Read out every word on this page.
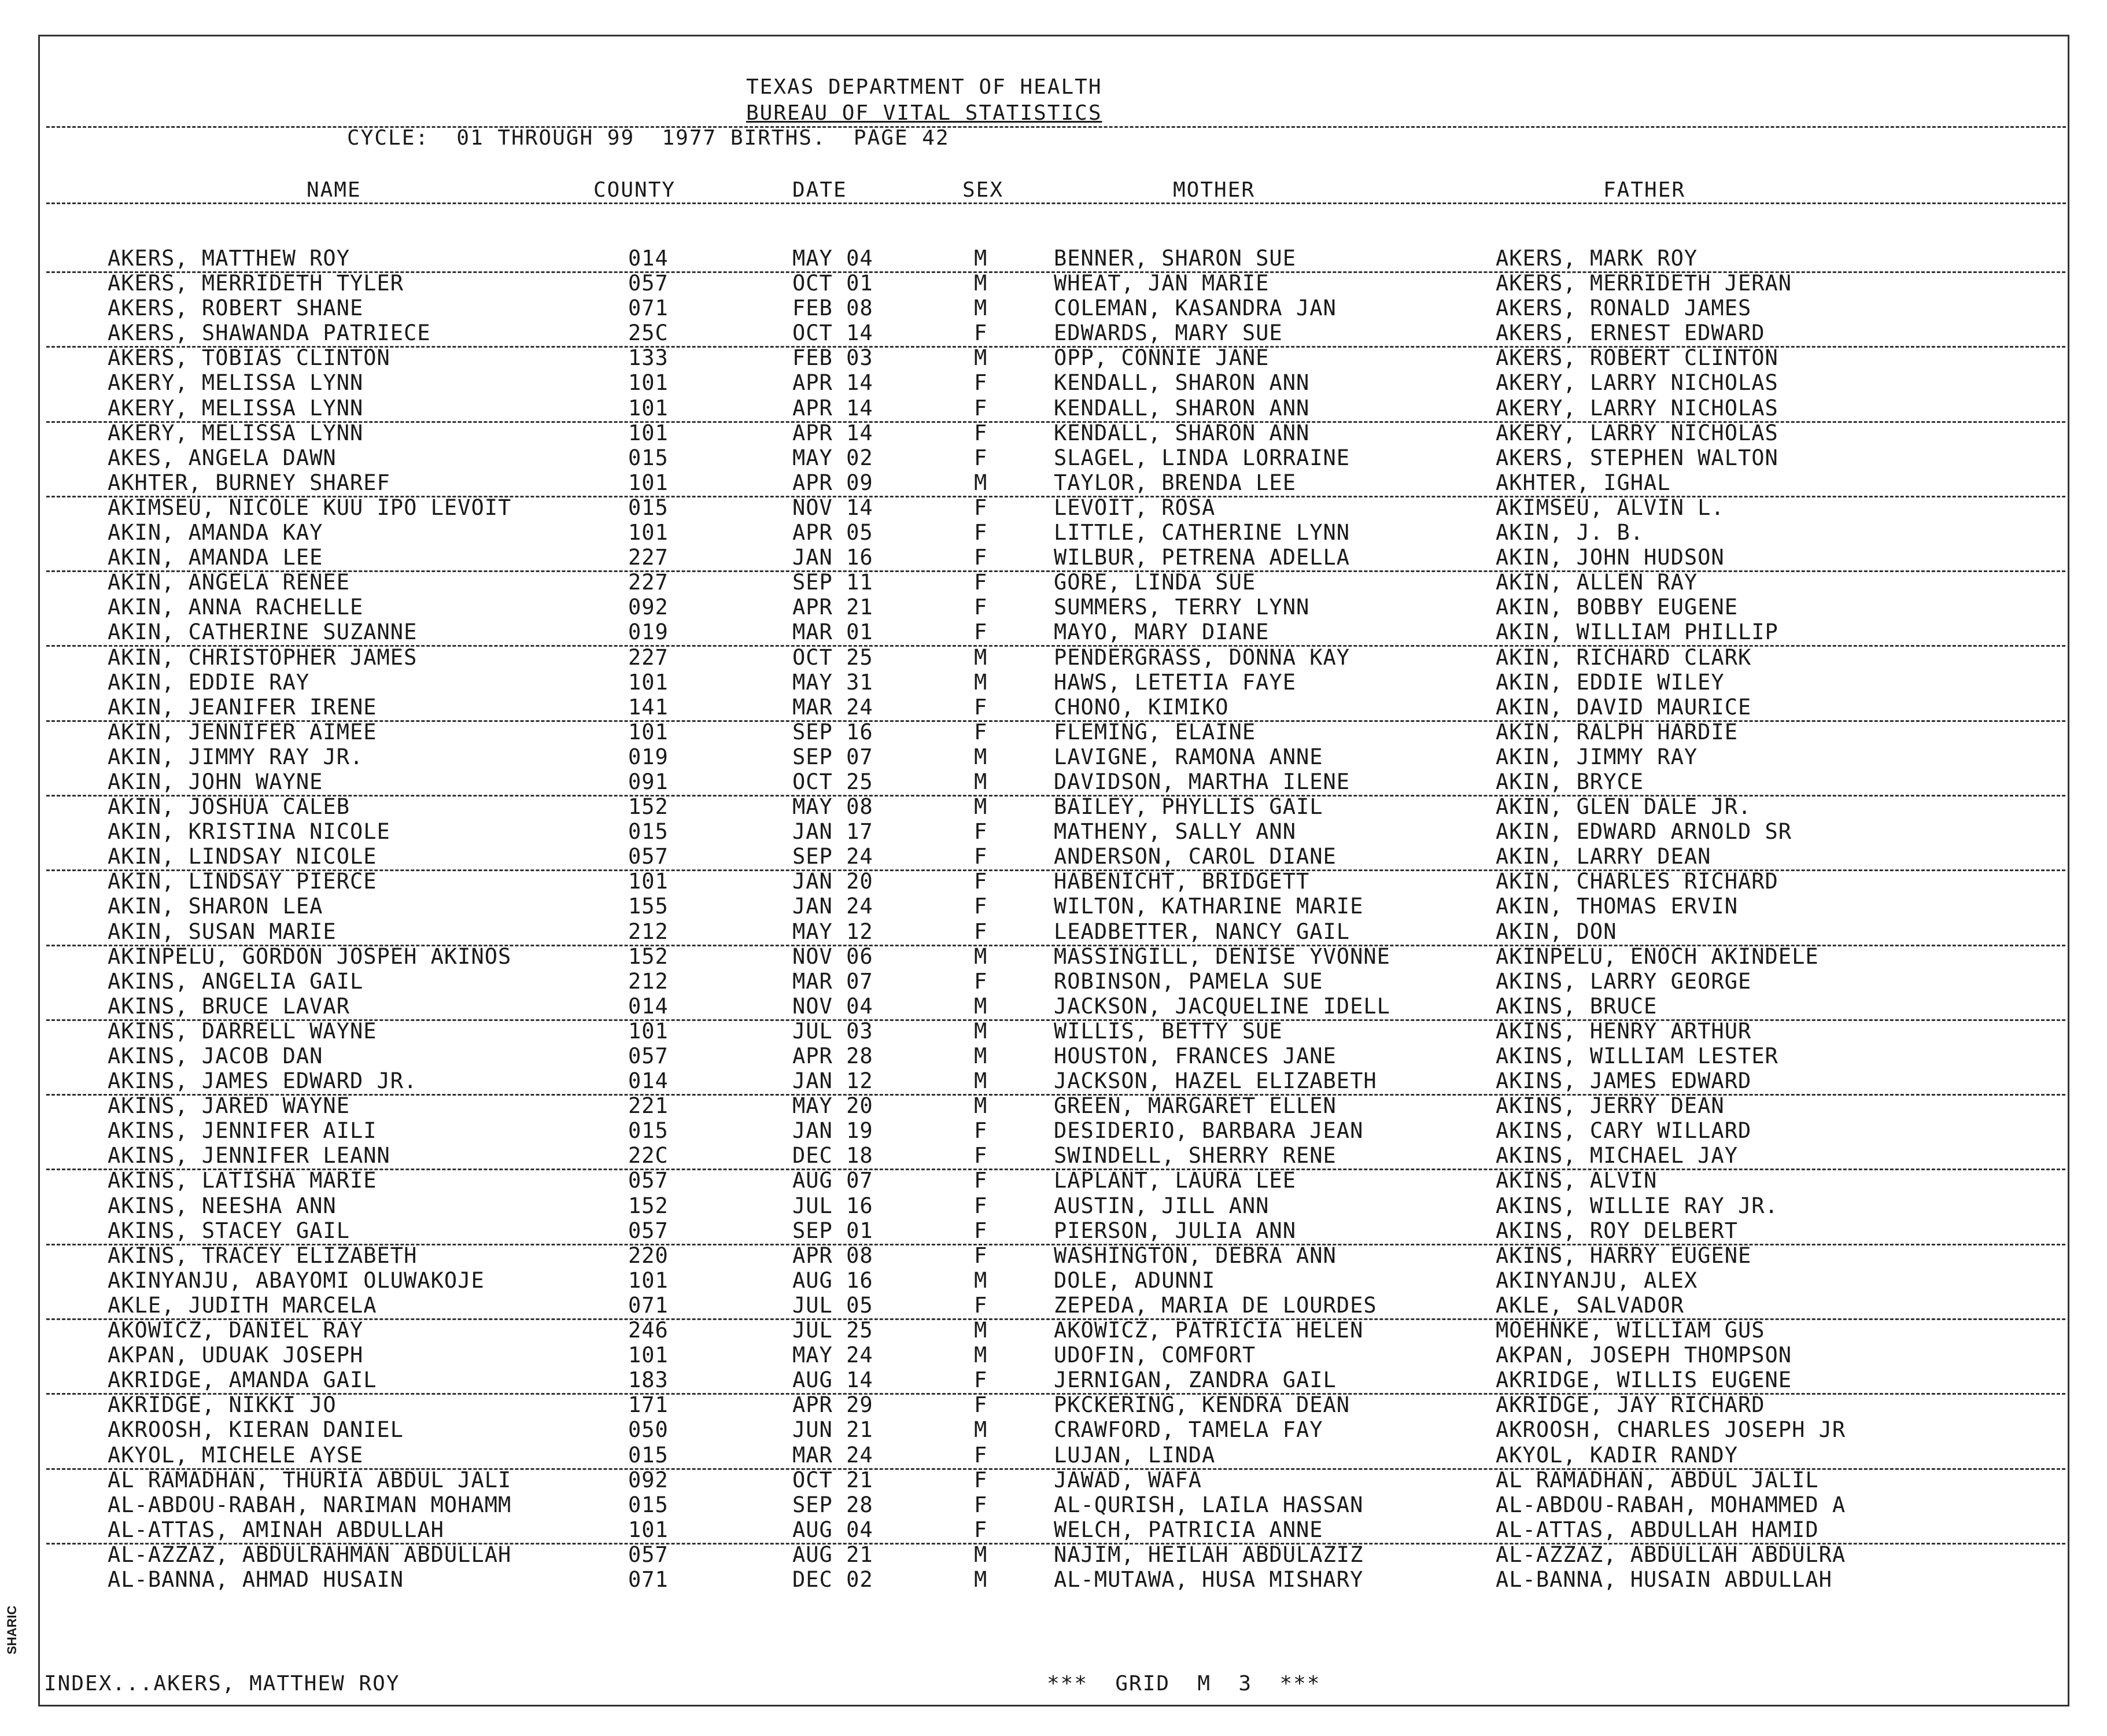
TEXAS DEPARTMENT OF HEALTH
BUREAU OF VITAL STATISTICS
CYCLE:  01 THROUGH 99  1977 BIRTHS.  PAGE 42
NAME	COUNTY	DATE	SEX	MOTHER	FATHER
AKERS, MATTHEW ROY	014	MAY 04	M	BENNER, SHARON SUE	AKERS, MARK ROY
AKERS, MERRIDETH TYLER	057	OCT 01	M	WHEAT, JAN MARIE	AKERS, MERRIDETH JERAN
AKERS, ROBERT SHANE	071	FEB 08	M	COLEMAN, KASANDRA JAN	AKERS, RONALD JAMES
AKERS, SHAWANDA PATRIECE	25C	OCT 14	F	EDWARDS, MARY SUE	AKERS, ERNEST EDWARD
AKERS, TOBIAS CLINTON	133	FEB 03	M	OPP, CONNIE JANE	AKERS, ROBERT CLINTON
AKERY, MELISSA LYNN	101	APR 14	F	KENDALL, SHARON ANN	AKERY, LARRY NICHOLAS
AKERY, MELISSA LYNN	101	APR 14	F	KENDALL, SHARON ANN	AKERY, LARRY NICHOLAS
AKERY, MELISSA LYNN	101	APR 14	F	KENDALL, SHARON ANN	AKERY, LARRY NICHOLAS
AKES, ANGELA DAWN	015	MAY 02	F	SLAGEL, LINDA LORRAINE	AKERS, STEPHEN WALTON
AKHTER, BURNEY SHAREF	101	APR 09	M	TAYLOR, BRENDA LEE	AKHTER, IGHAL
AKIMSEU, NICOLE KUU IPO LEVOIT	015	NOV 14	F	LEVOIT, ROSA	AKIMSEU, ALVIN L.
AKIN, AMANDA KAY	101	APR 05	F	LITTLE, CATHERINE LYNN	AKIN, J. B.
AKIN, AMANDA LEE	227	JAN 16	F	WILBUR, PETRENA ADELLA	AKIN, JOHN HUDSON
AKIN, ANGELA RENEE	227	SEP 11	F	GORE, LINDA SUE	AKIN, ALLEN RAY
AKIN, ANNA RACHELLE	092	APR 21	F	SUMMERS, TERRY LYNN	AKIN, BOBBY EUGENE
AKIN, CATHERINE SUZANNE	019	MAR 01	F	MAYO, MARY DIANE	AKIN, WILLIAM PHILLIP
AKIN, CHRISTOPHER JAMES	227	OCT 25	M	PENDERGRASS, DONNA KAY	AKIN, RICHARD CLARK
AKIN, EDDIE RAY	101	MAY 31	M	HAWS, LETETIA FAYE	AKIN, EDDIE WILEY
AKIN, JEANIFER IRENE	141	MAR 24	F	CHONO, KIMIKO	AKIN, DAVID MAURICE
AKIN, JENNIFER AIMEE	101	SEP 16	F	FLEMING, ELAINE	AKIN, RALPH HARDIE
AKIN, JIMMY RAY JR.	019	SEP 07	M	LAVIGNE, RAMONA ANNE	AKIN, JIMMY RAY
AKIN, JOHN WAYNE	091	OCT 25	M	DAVIDSON, MARTHA ILENE	AKIN, BRYCE
AKIN, JOSHUA CALEB	152	MAY 08	M	BAILEY, PHYLLIS GAIL	AKIN, GLEN DALE JR.
AKIN, KRISTINA NICOLE	015	JAN 17	F	MATHENY, SALLY ANN	AKIN, EDWARD ARNOLD SR
AKIN, LINDSAY NICOLE	057	SEP 24	F	ANDERSON, CAROL DIANE	AKIN, LARRY DEAN
AKIN, LINDSAY PIERCE	101	JAN 20	F	HABENICHT, BRIDGETT	AKIN, CHARLES RICHARD
AKIN, SHARON LEA	155	JAN 24	F	WILTON, KATHARINE MARIE	AKIN, THOMAS ERVIN
AKIN, SUSAN MARIE	212	MAY 12	F	LEADBETTER, NANCY GAIL	AKIN, DON
AKINPELU, GORDON JOSPEH AKINOS	152	NOV 06	M	MASSINGILL, DENISE YVONNE	AKINPELU, ENOCH AKINDELE
AKINS, ANGELIA GAIL	212	MAR 07	F	ROBINSON, PAMELA SUE	AKINS, LARRY GEORGE
AKINS, BRUCE LAVAR	014	NOV 04	M	JACKSON, JACQUELINE IDELL	AKINS, BRUCE
AKINS, DARRELL WAYNE	101	JUL 03	M	WILLIS, BETTY SUE	AKINS, HENRY ARTHUR
AKINS, JACOB DAN	057	APR 28	M	HOUSTON, FRANCES JANE	AKINS, WILLIAM LESTER
AKINS, JAMES EDWARD JR.	014	JAN 12	M	JACKSON, HAZEL ELIZABETH	AKINS, JAMES EDWARD
AKINS, JARED WAYNE	221	MAY 20	M	GREEN, MARGARET ELLEN	AKINS, JERRY DEAN
AKINS, JENNIFER AILI	015	JAN 19	F	DESIDERIO, BARBARA JEAN	AKINS, CARY WILLARD
AKINS, JENNIFER LEANN	22C	DEC 18	F	SWINDELL, SHERRY RENE	AKINS, MICHAEL JAY
AKINS, LATISHA MARIE	057	AUG 07	F	LAPLANT, LAURA LEE	AKINS, ALVIN
AKINS, NEESHA ANN	152	JUL 16	F	AUSTIN, JILL ANN	AKINS, WILLIE RAY JR.
AKINS, STACEY GAIL	057	SEP 01	F	PIERSON, JULIA ANN	AKINS, ROY DELBERT
AKINS, TRACEY ELIZABETH	220	APR 08	F	WASHINGTON, DEBRA ANN	AKINS, HARRY EUGENE
AKINYANJU, ABAYOMI OLUWAKOJE	101	AUG 16	M	DOLE, ADUNNI	AKINYANJU, ALEX
AKLE, JUDITH MARCELA	071	JUL 05	F	ZEPEDA, MARIA DE LOURDES	AKLE, SALVADOR
AKOWICZ, DANIEL RAY	246	JUL 25	M	AKOWICZ, PATRICIA HELEN	MOEHNKE, WILLIAM GUS
AKPAN, UDUAK JOSEPH	101	MAY 24	M	UDOFIN, COMFORT	AKPAN, JOSEPH THOMPSON
AKRIDGE, AMANDA GAIL	183	AUG 14	F	JERNIGAN, ZANDRA GAIL	AKRIDGE, WILLIS EUGENE
AKRIDGE, NIKKI JO	171	APR 29	F	PKCKERING, KENDRA DEAN	AKRIDGE, JAY RICHARD
AKROOSH, KIERAN DANIEL	050	JUN 21	M	CRAWFORD, TAMELA FAY	AKROOSH, CHARLES JOSEPH JR
AKYOL, MICHELE AYSE	015	MAR 24	F	LUJAN, LINDA	AKYOL, KADIR RANDY
AL RAMADHAN, THURIA ABDUL JALI	092	OCT 21	F	JAWAD, WAFA	AL RAMADHAN, ABDUL JALIL
AL-ABDOU-RABAH, NARIMAN MOHAMM	015	SEP 28	F	AL-QURISH, LAILA HASSAN	AL-ABDOU-RABAH, MOHAMMED A
AL-ATTAS, AMINAH ABDULLAH	101	AUG 04	F	WELCH, PATRICIA ANNE	AL-ATTAS, ABDULLAH HAMID
AL-AZZAZ, ABDULRAHMAN ABDULLAH	057	AUG 21	M	NAJIM, HEILAH ABDULAZIZ	AL-AZZAZ, ABDULLAH ABDULRA
AL-BANNA, AHMAD HUSAIN	071	DEC 02	M	AL-MUTAWA, HUSA MISHARY	AL-BANNA, HUSAIN ABDULLAH
INDEX...AKERS, MATTHEW ROY	***  GRID  M  3  ***
SHARIC
